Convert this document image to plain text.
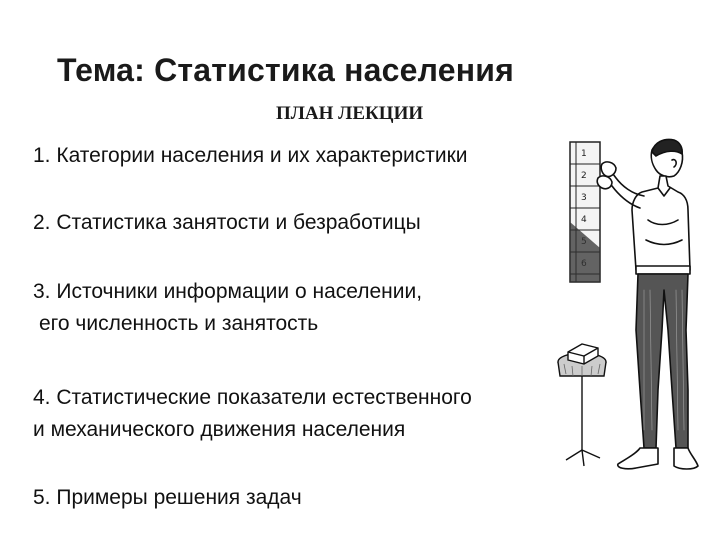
Тема: Статистика населения
ПЛАН ЛЕКЦИИ
1. Категории населения и их характеристики
2. Статистика занятости и безработицы
3. Источники информации о населении,
его численность и занятость
4. Статистические показатели естественного
и механического движения населения
5. Примеры решения задач
1
2
3
4
